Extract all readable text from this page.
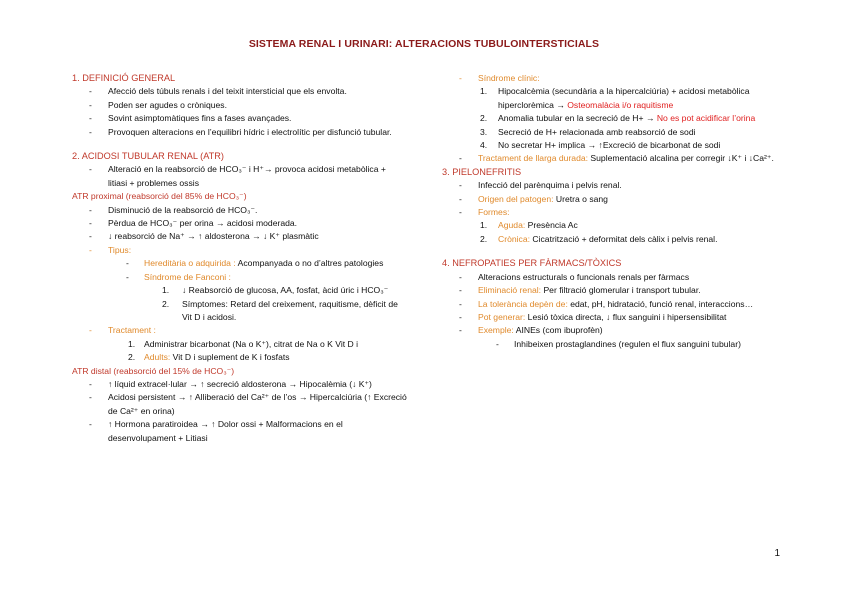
SISTEMA RENAL I URINARI: ALTERACIONS TUBULOINTERSTICIALS
1. DEFINICIÓ GENERAL
- Afecció dels túbuls renals i del teixit intersticial que els envolta.
- Poden ser agudes o cròniques.
- Sovint asimptomàtiques fins a fases avançades.
- Provoquen alteracions en l’equilibri hídric i electrolític per disfunció tubular.
2. ACIDOSI TUBULAR RENAL (ATR)
- Alteració en la reabsorció de HCO₃⁻ i H⁺→ provoca acidosi metabòlica + litiasi + problemes ossis
ATR proximal (reabsorció del 85% de HCO₃⁻)
- Disminució de la reabsorció de HCO₃⁻.
- Pèrdua de HCO₃⁻ per orina → acidosi moderada.
- ↓ reabsorció de Na⁺ → ↑ aldosterona → ↓ K⁺ plasmàtic
- Tipus:
- Hereditària o adquirida : Acompanyada o no d’altres patologies
- Síndrome de Fanconi :
1. ↓ Reabsorció de glucosa, AA, fosfat, àcid úric i HCO₃⁻
2. Símptomes: Retard del creixement, raquitisme, dèficit de Vit D i acidosi.
- Tractament :
1. Administrar bicarbonat (Na o K⁺), citrat de Na o K Vit D i
2. Adults: Vit D i suplement de K i fosfats
ATR distal (reabsorció del 15% de HCO₃⁻)
- ↑ líquid extracel·lular → ↑ secreció aldosterona → Hipocalèmia (↓ K⁺)
- Acidosi persistent → ↑ Alliberació del Ca²⁺ de l’os → Hipercalciúria (↑ Excreció de Ca²⁺ en orina)
- ↑ Hormona paratiroidea → ↑ Dolor ossi + Malformacions en el desenvolupament + Litiasi
- Síndrome clínic:
1. Hipocalcèmia (secundària a la hipercalciúria) + acidosi metabòlica hiperclorèmica → Osteomalàcia i/o raquitisme
2. Anomalia tubular en la secreció de H+ → No es pot acidificar l’orina
3. Secreció de H+ relacionada amb reabsorció de sodi
4. No secretar H+ implica → ↑Excreció de bicarbonat de sodi
- Tractament de llarga durada: Suplementació alcalina per corregir ↓K⁺ i ↓Ca²⁺.
3. PIELONEFRITIS
- Infecció del parènquima i pelvis renal.
- Origen del patogen: Uretra o sang
- Formes:
1. Aguda: Presència Ac
2. Crònica: Cicatrització + deformitat dels càlix i pelvis renal.
4. NEFROPATIES PER FÀRMACS/TÒXICS
- Alteracions estructurals o funcionals renals per fàrmacs
- Eliminació renal: Per filtració glomerular i transport tubular.
- La tolerància depèn de: edat, pH, hidratació, funció renal, interaccions…
- Pot generar: Lesió tòxica directa, ↓ flux sanguini i hipersensibilitat
- Exemple: AINEs (com ibuprofèn)
- Inhibeixen prostaglandines (regulen el flux sanguini tubular)
1
